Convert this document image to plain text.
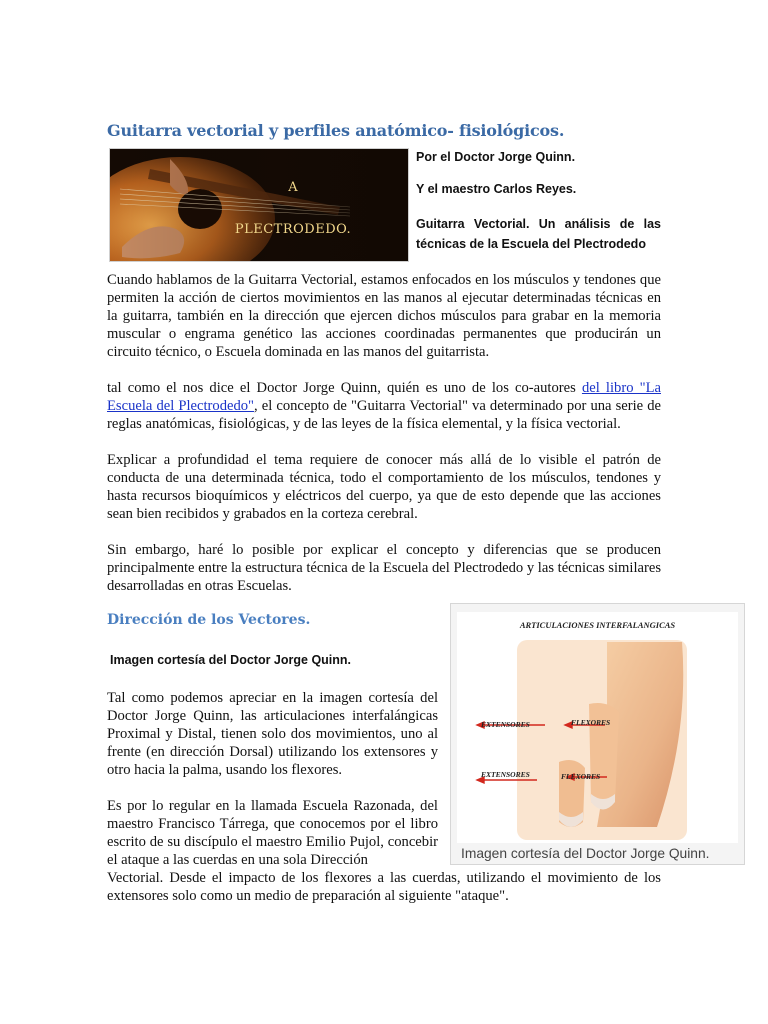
Guitarra vectorial y perfiles anatómico- fisiológicos.
A
PLECTRODEDO.
Por el Doctor Jorge Quinn.
Y el maestro Carlos Reyes.
Guitarra Vectorial. Un análisis de las técnicas de la Escuela del Plectrodedo
Cuando hablamos de la Guitarra Vectorial, estamos enfocados en los músculos y tendones que permiten la acción de ciertos movimientos en las manos al ejecutar determinadas técnicas en la guitarra, también en la dirección que ejercen dichos músculos para grabar en la memoria muscular o engrama genético las acciones coordinadas permanentes que producirán un circuito técnico, o Escuela dominada en las manos del guitarrista.
tal como el nos dice el Doctor Jorge Quinn, quién es uno de los co-autores del libro "La Escuela del Plectrodedo", el concepto de "Guitarra Vectorial" va determinado por una serie de reglas anatómicas, fisiológicas, y de las leyes de la física elemental, y la física vectorial.
Explicar a profundidad el tema requiere de conocer más allá de lo visible el patrón de conducta de una determinada técnica, todo el comportamiento de los músculos, tendones y hasta recursos bioquímicos y eléctricos del cuerpo, ya que de esto depende que las acciones sean bien recibidos y grabados en la corteza cerebral.
Sin embargo, haré lo posible por explicar el concepto y diferencias que se producen principalmente entre la estructura técnica de la Escuela del Plectrodedo y las técnicas similares desarrolladas en otras Escuelas.
Dirección de los Vectores.
Imagen cortesía del Doctor Jorge Quinn.
Tal como podemos apreciar en la imagen cortesía del Doctor Jorge Quinn, las articulaciones interfalángicas Proximal y Distal, tienen solo dos movimientos, uno al frente (en dirección Dorsal) utilizando los extensores y otro hacia la palma, usando los flexores.
Es por lo regular en la llamada Escuela Razonada, del maestro Francisco Tárrega, que conocemos por el libro escrito de su discípulo el maestro Emilio Pujol, concebir el ataque a las cuerdas en una sola Dirección
Vectorial. Desde el impacto de los flexores a las cuerdas, utilizando el movimiento de los extensores solo como un medio de preparación al siguiente "ataque".
ARTICULACIONES INTERFALANGICAS
EXTENSORES	FLEXORES
EXTENSORES	FLEXORES
Imagen cortesía del Doctor Jorge Quinn.
